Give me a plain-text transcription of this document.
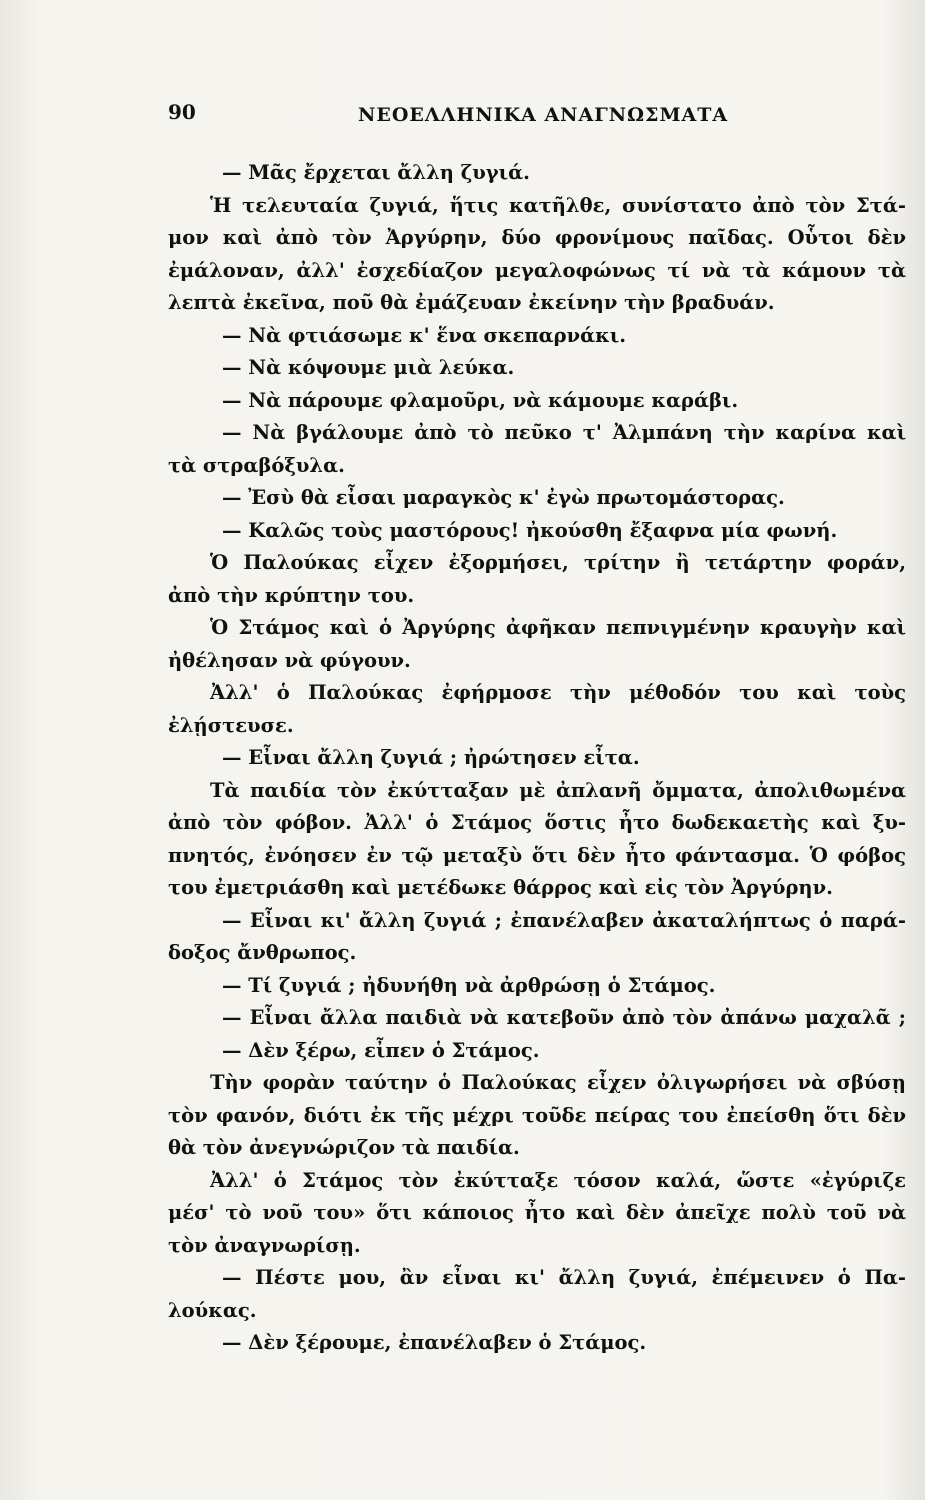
90	ΝΕΟΕΛΛΗΝΙΚΑ ΑΝΑΓΝΩΣΜΑΤΑ
— Μᾶς ἔρχεται ἄλλη ζυγιά.
Ἡ τελευταία ζυγιά, ἥτις κατῆλθε, συνίστατο ἀπὸ τὸν Στά-
μον καὶ ἀπὸ τὸν Ἀργύρην, δύο φρονίμους παῖδας. Οὗτοι δὲν
ἐμάλοναν, ἀλλ' ἐσχεδίαζον μεγαλοφώνως τί νὰ τὰ κάμουν τὰ
λεπτὰ ἐκεῖνα, ποῦ θὰ ἐμάζευαν ἐκείνην τὴν βραδυάν.
— Νὰ φτιάσωμε κ' ἕνα σκεπαρνάκι.
— Νὰ κόψουμε μιὰ λεύκα.
— Νὰ πάρουμε φλαμοῦρι, νὰ κάμουμε καράβι.
— Νὰ βγάλουμε ἀπὸ τὸ πεῦκο τ' Ἀλμπάνη τὴν καρίνα καὶ
τὰ στραβόξυλα.
— Ἐσὺ θὰ εἶσαι μαραγκὸς κ' ἐγὼ πρωτομάστορας.
— Καλῶς τοὺς μαστόρους! ἠκούσθη ἔξαφνα μία φωνή.
Ὁ Παλούκας εἶχεν ἐξορμήσει, τρίτην ἢ τετάρτην φοράν,
ἀπὸ τὴν κρύπτην του.
Ὁ Στάμος καὶ ὁ Ἀργύρης ἀφῆκαν πεπνιγμένην κραυγὴν καὶ
ἠθέλησαν νὰ φύγουν.
Ἀλλ' ὁ Παλούκας ἐφήρμοσε τὴν μέθοδόν του καὶ τοὺς
ἐλῄστευσε.
— Εἶναι ἄλλη ζυγιά ; ἠρώτησεν εἶτα.
Τὰ παιδία τὸν ἐκύτταξαν μὲ ἀπλανῆ ὄμματα, ἀπολιθωμένα
ἀπὸ τὸν φόβον. Ἀλλ' ὁ Στάμος ὅστις ἦτο δωδεκαετὴς καὶ ξυ-
πνητός, ἐνόησεν ἐν τῷ μεταξὺ ὅτι δὲν ἦτο φάντασμα. Ὁ φόβος
του ἐμετριάσθη καὶ μετέδωκε θάρρος καὶ εἰς τὸν Ἀργύρην.
— Εἶναι κι' ἄλλη ζυγιά ; ἐπανέλαβεν ἀκαταλήπτως ὁ παρά-
δοξος ἄνθρωπος.
— Τί ζυγιά ; ἠδυνήθη νὰ ἀρθρώσῃ ὁ Στάμος.
— Εἶναι ἄλλα παιδιὰ νὰ κατεβοῦν ἀπὸ τὸν ἀπάνω μαχαλᾶ ;
— Δὲν ξέρω, εἶπεν ὁ Στάμος.
Τὴν φορὰν ταύτην ὁ Παλούκας εἶχεν ὀλιγωρήσει νὰ σβύσῃ
τὸν φανόν, διότι ἐκ τῆς μέχρι τοῦδε πείρας του ἐπείσθη ὅτι δὲν
θὰ τὸν ἀνεγνώριζον τὰ παιδία.
Ἀλλ' ὁ Στάμος τὸν ἐκύτταξε τόσον καλά, ὥστε «ἐγύριζε
μέσ' τὸ νοῦ του» ὅτι κάποιος ἦτο καὶ δὲν ἀπεῖχε πολὺ τοῦ νὰ
τὸν ἀναγνωρίσῃ.
— Πέστε μου, ἂν εἶναι κι' ἄλλη ζυγιά, ἐπέμεινεν ὁ Πα-
λούκας.
— Δὲν ξέρουμε, ἐπανέλαβεν ὁ Στάμος.
